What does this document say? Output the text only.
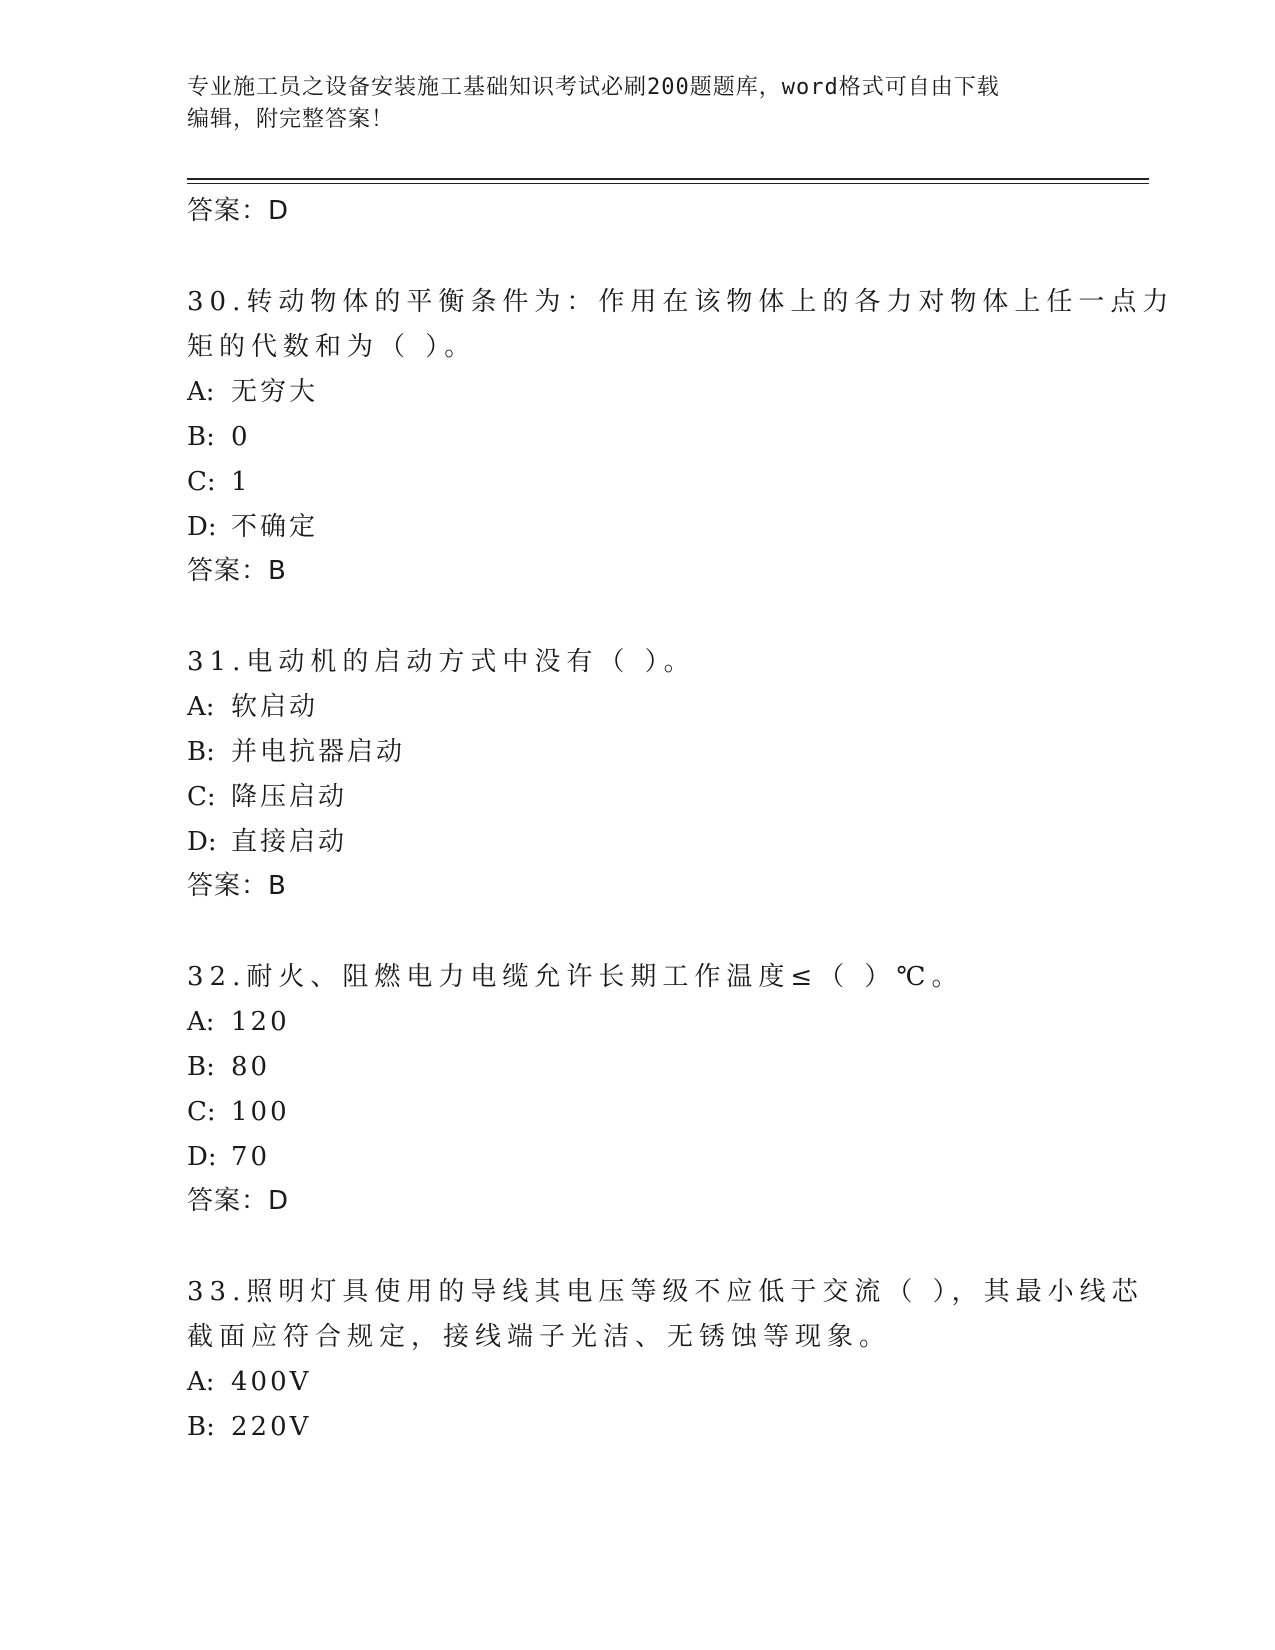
专业施工员之设备安装施工基础知识考试必刷200题题库，word格式可自由下载
编辑，附完整答案！
答案：D
30.转动物体的平衡条件为：作用在该物体上的各力对物体上任一点力
矩的代数和为（ ）。
A: 无穷大
B: 0
C: 1
D: 不确定
答案：B
31.电动机的启动方式中没有（ ）。
A: 软启动
B: 并电抗器启动
C: 降压启动
D: 直接启动
答案：B
32.耐火、阻燃电力电缆允许长期工作温度≤（ ）℃。
A: 120
B: 80
C: 100
D: 70
答案：D
33.照明灯具使用的导线其电压等级不应低于交流（ ），其最小线芯
截面应符合规定，接线端子光洁、无锈蚀等现象。
A: 400V
B: 220V
